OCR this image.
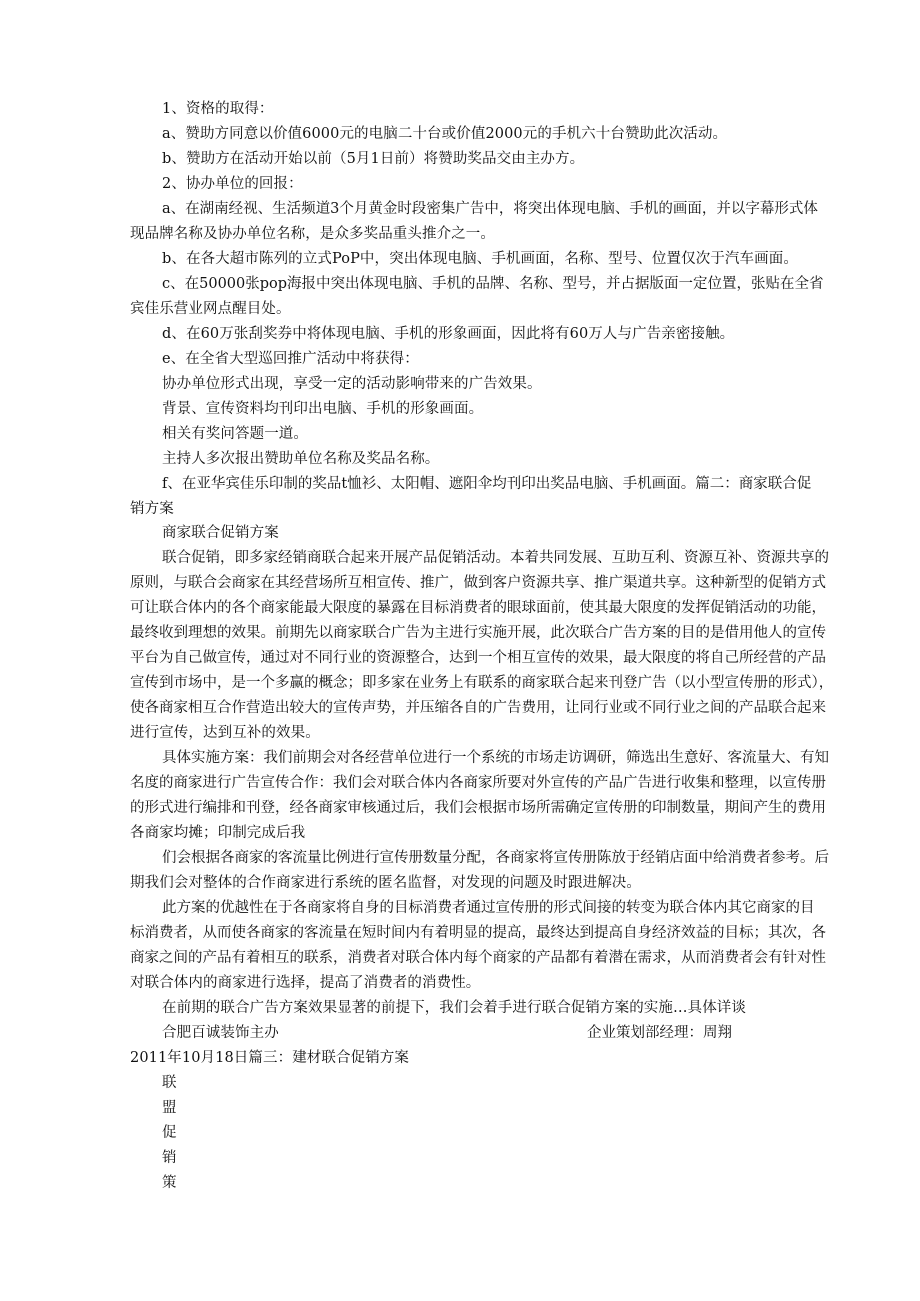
1、资格的取得：
a、赞助方同意以价值6000元的电脑二十台或价值2000元的手机六十台赞助此次活动。
b、赞助方在活动开始以前（5月1日前）将赞助奖品交由主办方。
2、协办单位的回报：
a、在湖南经视、生活频道3个月黄金时段密集广告中，将突出体现电脑、手机的画面，并以字幕形式体
现品牌名称及协办单位名称，是众多奖品重头推介之一。
b、在各大超市陈列的立式PoP中，突出体现电脑、手机画面，名称、型号、位置仅次于汽车画面。
c、在50000张pop海报中突出体现电脑、手机的品牌、名称、型号，并占据版面一定位置，张贴在全省
宾佳乐营业网点醒目处。
d、在60万张刮奖券中将体现电脑、手机的形象画面，因此将有60万人与广告亲密接触。
e、在全省大型巡回推广活动中将获得：
协办单位形式出现，享受一定的活动影响带来的广告效果。
背景、宣传资料均刊印出电脑、手机的形象画面。
相关有奖问答题一道。
主持人多次报出赞助单位名称及奖品名称。
f、在亚华宾佳乐印制的奖品t恤衫、太阳帽、遮阳伞均刊印出奖品电脑、手机画面。篇二：商家联合促
销方案
商家联合促销方案
联合促销，即多家经销商联合起来开展产品促销活动。本着共同发展、互助互利、资源互补、资源共享的
原则，与联合会商家在其经营场所互相宣传、推广，做到客户资源共享、推广渠道共享。这种新型的促销方式
可让联合体内的各个商家能最大限度的暴露在目标消费者的眼球面前，使其最大限度的发挥促销活动的功能，
最终收到理想的效果。前期先以商家联合广告为主进行实施开展，此次联合广告方案的目的是借用他人的宣传
平台为自己做宣传，通过对不同行业的资源整合，达到一个相互宣传的效果，最大限度的将自己所经营的产品
宣传到市场中，是一个多赢的概念；即多家在业务上有联系的商家联合起来刊登广告（以小型宣传册的形式），
使各商家相互合作营造出较大的宣传声势，并压缩各自的广告费用，让同行业或不同行业之间的产品联合起来
进行宣传，达到互补的效果。
具体实施方案：我们前期会对各经营单位进行一个系统的市场走访调研，筛选出生意好、客流量大、有知
名度的商家进行广告宣传合作：我们会对联合体内各商家所要对外宣传的产品广告进行收集和整理，以宣传册
的形式进行编排和刊登，经各商家审核通过后，我们会根据市场所需确定宣传册的印制数量，期间产生的费用
各商家均摊；印制完成后我
们会根据各商家的客流量比例进行宣传册数量分配，各商家将宣传册陈放于经销店面中给消费者参考。后
期我们会对整体的合作商家进行系统的匿名监督，对发现的问题及时跟进解决。
此方案的优越性在于各商家将自身的目标消费者通过宣传册的形式间接的转变为联合体内其它商家的目
标消费者，从而使各商家的客流量在短时间内有着明显的提高，最终达到提高自身经济效益的目标；其次，各
商家之间的产品有着相互的联系，消费者对联合体内每个商家的产品都有着潜在需求，从而消费者会有针对性
对联合体内的商家进行选择，提高了消费者的消费性。
在前期的联合广告方案效果显著的前提下，我们会着手进行联合促销方案的实施…具体详谈
合肥百诚装饰主办	企业策划部经理：周翔
2011年10月18日篇三：建材联合促销方案
联
盟
促
销
策
